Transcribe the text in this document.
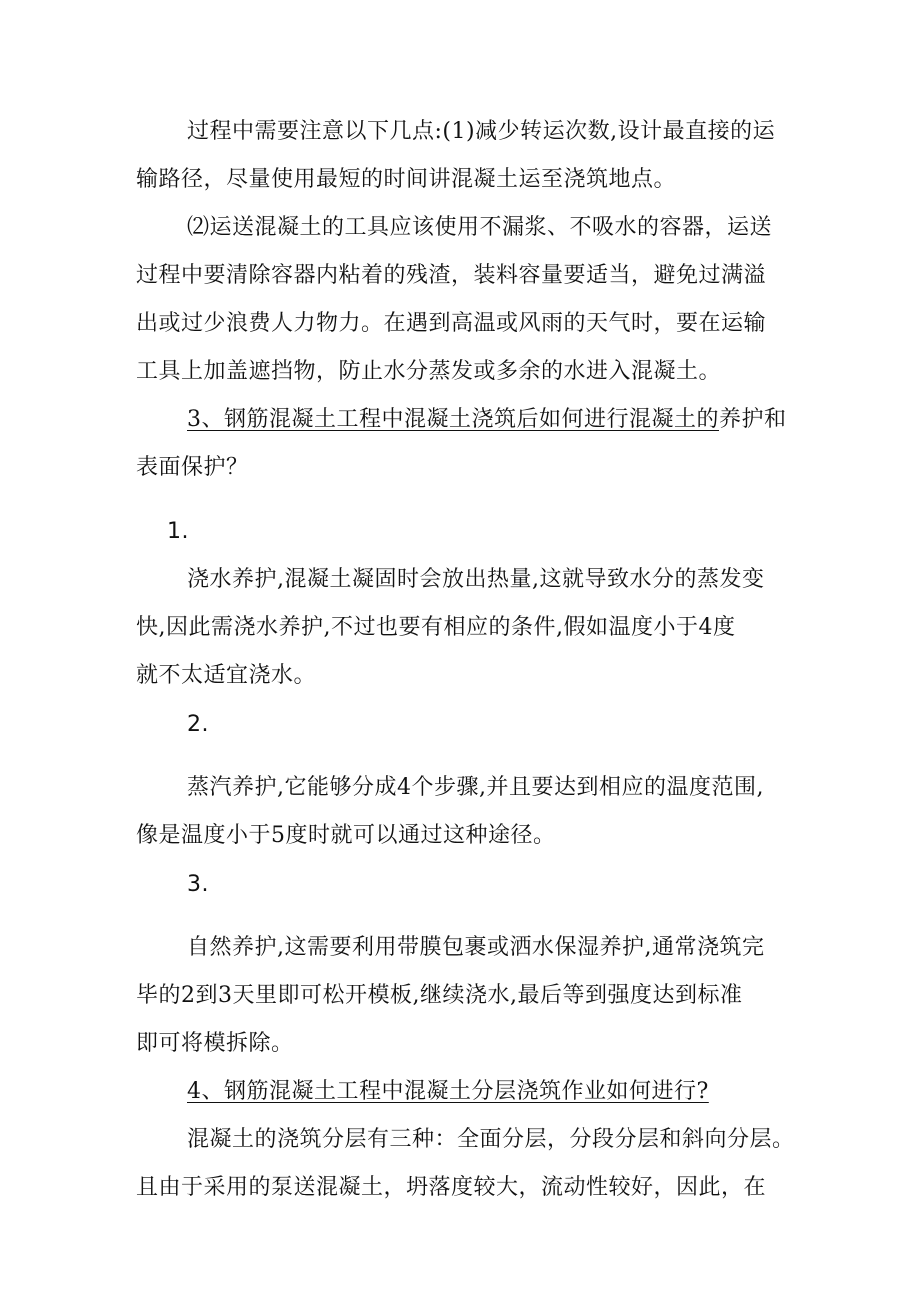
过程中需要注意以下几点:(1)减少转运次数,设计最直接的运
输路径，尽量使用最短的时间讲混凝土运至浇筑地点。
⑵运送混凝土的工具应该使用不漏浆、不吸水的容器，运送
过程中要清除容器内粘着的残渣，装料容量要适当，避免过满溢
出或过少浪费人力物力。在遇到高温或风雨的天气时，要在运输
工具上加盖遮挡物，防止水分蒸发或多余的水进入混凝土。
3、钢筋混凝土工程中混凝土浇筑后如何进行混凝土的养护和
表面保护？
1.
浇水养护,混凝土凝固时会放出热量,这就导致水分的蒸发变
快,因此需浇水养护,不过也要有相应的条件,假如温度小于4度
就不太适宜浇水。
2.
蒸汽养护,它能够分成4个步骤,并且要达到相应的温度范围,
像是温度小于5度时就可以通过这种途径。
3.
自然养护,这需要利用带膜包裹或洒水保湿养护,通常浇筑完
毕的2到3天里即可松开模板,继续浇水,最后等到强度达到标准
即可将模拆除。
4、钢筋混凝土工程中混凝土分层浇筑作业如何进行?
混凝土的浇筑分层有三种：全面分层，分段分层和斜向分层。
且由于采用的泵送混凝土，坍落度较大，流动性较好，因此，在
